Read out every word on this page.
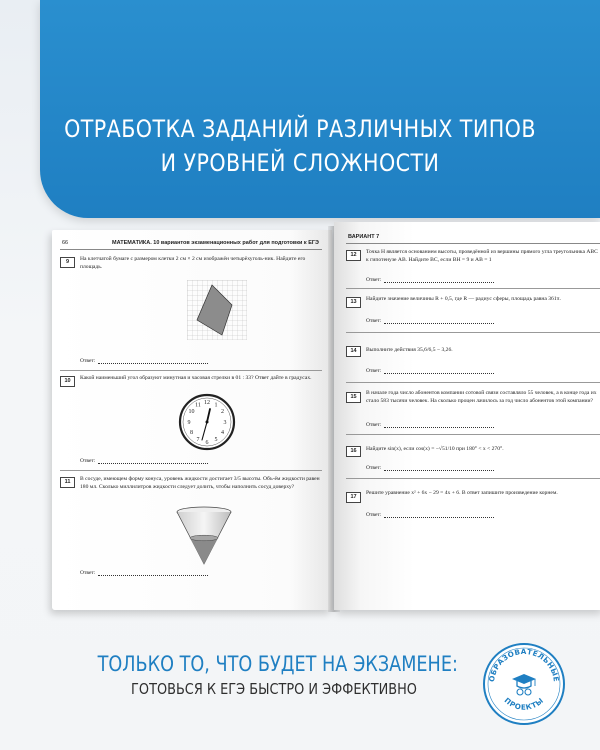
ОТРАБОТКА ЗАДАНИЙ РАЗЛИЧНЫХ ТИПОВ
И УРОВНЕЙ СЛОЖНОСТИ
66	МАТЕМАТИКА. 10 вариантов экзаменационных работ для подготовки к ЕГЭ
9	На клетчатой бумаге с размером клетки 2 см × 2 см изображён четырёхуголь-ник. Найдите его площадь.
Ответ:
10	Какой наименьший угол образуют минутная и часовая стрелки в 01 : 33? Ответ дайте в градусах.
12 1
2
3
4
5
6
7
8
9
10
11
Ответ:
11	В сосуде, имеющем форму конуса, уровень жидкости достигает 3/5 высоты. Объ-ём жидкости равен 180 мл. Сколько миллилитров жидкости следует долить, чтобы наполнить сосуд доверху?
Ответ:
ВАРИАНТ 7
12	Точка H является основанием высоты, проведённой из вершины прямого угла треугольника ABC к гипотенузе AB. Найдите BC, если BH = 9 и AB = 1
Ответ:
13	Найдите значение величины R + 0,5, где R — радиус сферы, площадь равна 361π.
Ответ:
14	Выполните действия 35,6/6,5 − 3,26.
Ответ:
15
В начале года число абонентов компании сотовой связи составляло 55 человек, а в конце года их стало 583 тысячи человек. На сколько процен лачилось за год число абонентов этой компании?
Ответ:
16	Найдите sin(x), если cos(x) = −√51/10 при 180° < x < 270°.
Ответ:
17
Решите уравнение x² + 6x − 29 = 4x + 6. В ответ запишите произведение корнем.
Ответ:
ТОЛЬКО ТО, ЧТО БУДЕТ НА ЭКЗАМЕНЕ:
ГОТОВЬСЯ К ЕГЭ БЫСТРО И ЭФФЕКТИВНО
ОБРАЗОВАТЕЛЬНЫЕ
ПРОЕКТЫ
